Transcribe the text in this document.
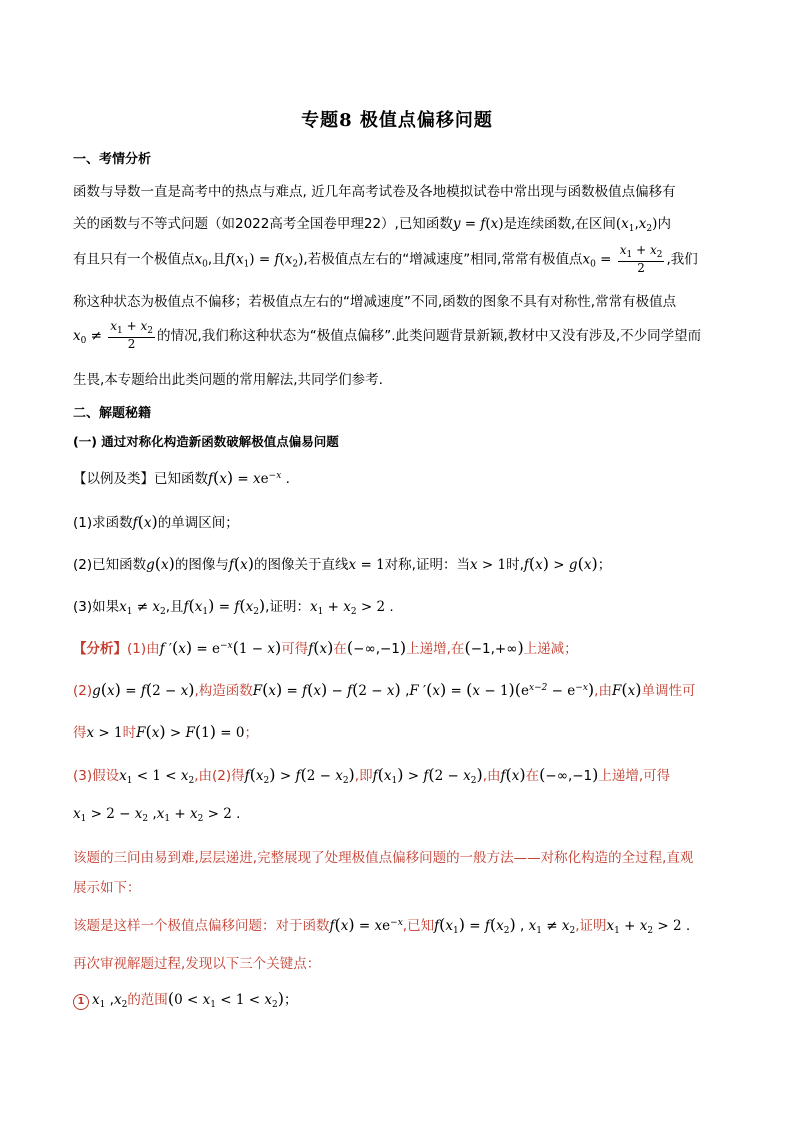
专题8 极值点偏移问题
一、考情分析
函数与导数一直是高考中的热点与难点, 近几年高考试卷及各地模拟试卷中常出现与函数极值点偏移有
关的函数与不等式问题（如2022高考全国卷甲理22）,已知函数y = f(x)是连续函数,在区间$(x_1,x_2)$内
有且只有一个极值点$x_0$,且$f(x_1) = f(x_2)$,若极值点左右的“增减速度”相同,常常有极值点$x_0 = \frac{x_1 + x_2}{2}$ ,我们
称这种状态为极值点不偏移；若极值点左右的“增减速度”不同,函数的图象不具有对称性,常常有极值点
$x_0 \ne \frac{x_1 + x_2}{2}$ 的情况,我们称这种状态为“极值点偏移”.此类问题背景新颖,教材中又没有涉及,不少同学望而
生畏,本专题给出此类问题的常用解法,共同学们参考.
二、解题秘籍
(一) 通过对称化构造新函数破解极值点偏易问题
【以例及类】已知函数$f(x) = xe^{-x}$ .
(1)求函数f(x)的单调区间；
(2)已知函数g(x)的图像与f(x)的图像关于直线x = 1对称,证明：当x > 1时,f(x) > g(x)；
(3)如果$x_1 \ne x_2$,且$f(x_1) = f(x_2)$,证明：$x_1 + x_2 > 2$ .
【分析】(1)由f $'(x) = e^{-x}(1 - x)$可得f(x)在(−∞,−1)上递增,在(−1,+∞)上递减；
(2)g(x) = f(2 − x),构造函数F(x) = f(x) − f(2 − x) ,F $'(x) = (x - 1)(e^{x-2} - e^{-x})$,由F(x)单调性可
得x > 1时F(x) > F(1) = 0；
(3)假设$x_1 < 1 < x_2$,由(2)得$f(x_2) > f(2 - x_2)$,即$f(x_1) > f(2 - x_2)$,由f(x)在(−∞,−1)上递增,可得
$x_1 > 2 - x_2$ $,x_1 + x_2 > 2$ .
该题的三问由易到难,层层递进,完整展现了处理极值点偏移问题的一般方法——对称化构造的全过程,直观
展示如下：
该题是这样一个极值点偏移问题：对于函数$f(x) = xe^{-x}$,已知$f(x_1) = f(x_2)$ , $x_1 \ne x_2$,证明$x_1 + x_2 > 2$ .
再次审视解题过程,发现以下三个关键点：
1 $x_1$ $,x_2$的范围$(0 < x_1 < 1 < x_2)$；
